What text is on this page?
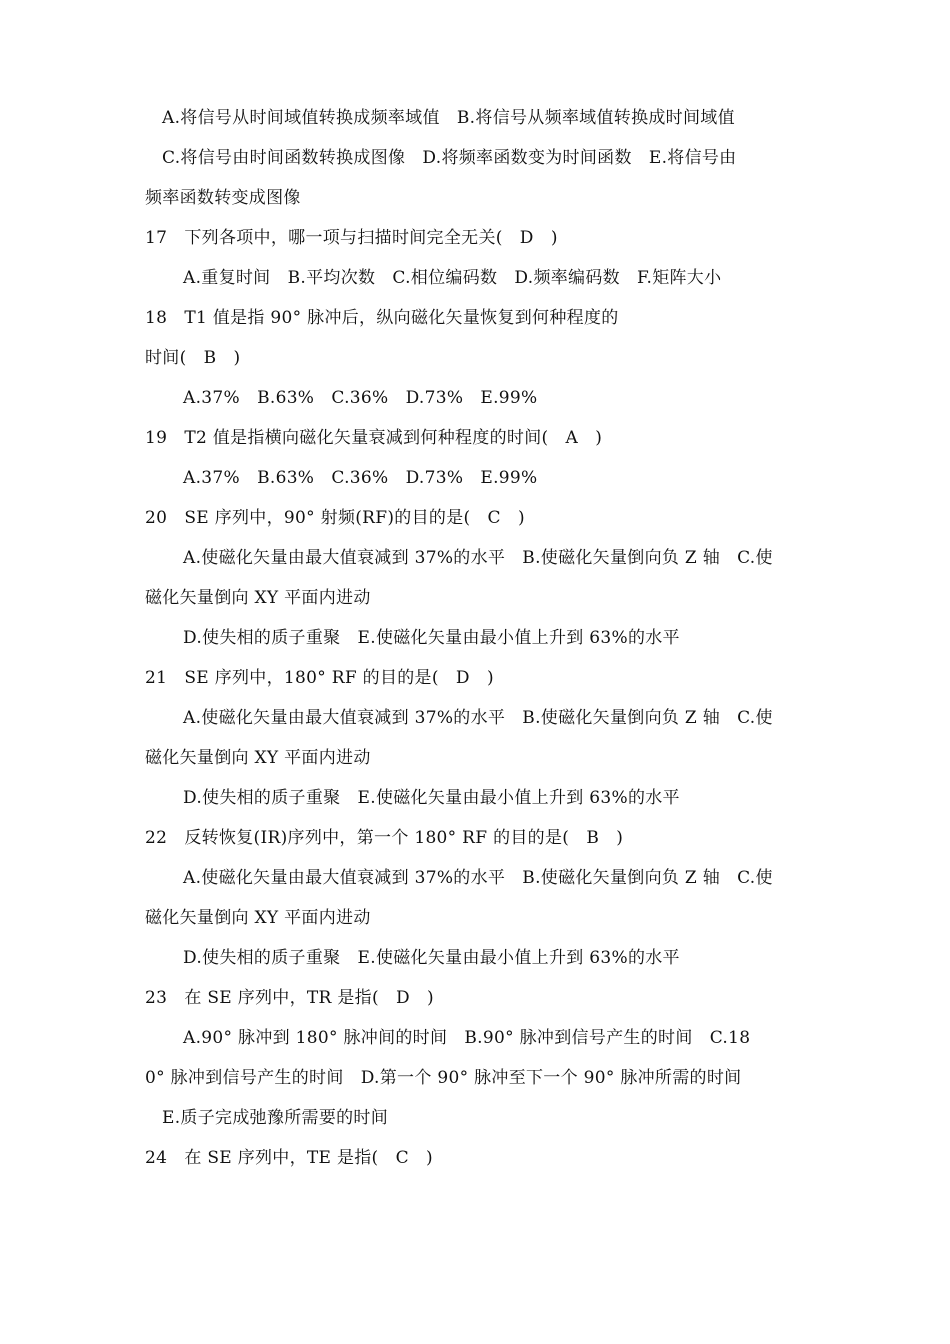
A.将信号从时间域值转换成频率域值   B.将信号从频率域值转换成时间域值
C.将信号由时间函数转换成图像   D.将频率函数变为时间函数   E.将信号由
频率函数转变成图像
17   下列各项中，哪一项与扫描时间完全无关(   D   )
A.重复时间   B.平均次数   C.相位编码数   D.频率编码数   F.矩阵大小
18   T1 值是指 90° 脉冲后，纵向磁化矢量恢复到何种程度的
时间(   B   )
A.37%   B.63%   C.36%   D.73%   E.99%
19   T2 值是指横向磁化矢量衰减到何种程度的时间(   A   )
A.37%   B.63%   C.36%   D.73%   E.99%
20   SE 序列中，90° 射频(RF)的目的是(   C   )
A.使磁化矢量由最大值衰减到 37%的水平   B.使磁化矢量倒向负 Z 轴   C.使
磁化矢量倒向 XY 平面内进动
D.使失相的质子重聚   E.使磁化矢量由最小值上升到 63%的水平
21   SE 序列中，180° RF 的目的是(   D   )
A.使磁化矢量由最大值衰减到 37%的水平   B.使磁化矢量倒向负 Z 轴   C.使
磁化矢量倒向 XY 平面内进动
D.使失相的质子重聚   E.使磁化矢量由最小值上升到 63%的水平
22   反转恢复(IR)序列中，第一个 180° RF 的目的是(   B   )
A.使磁化矢量由最大值衰减到 37%的水平   B.使磁化矢量倒向负 Z 轴   C.使
磁化矢量倒向 XY 平面内进动
D.使失相的质子重聚   E.使磁化矢量由最小值上升到 63%的水平
23   在 SE 序列中，TR 是指(   D   )
A.90° 脉冲到 180° 脉冲间的时间   B.90° 脉冲到信号产生的时间   C.18
0° 脉冲到信号产生的时间   D.第一个 90° 脉冲至下一个 90° 脉冲所需的时间
E.质子完成弛豫所需要的时间
24   在 SE 序列中，TE 是指(   C   )
